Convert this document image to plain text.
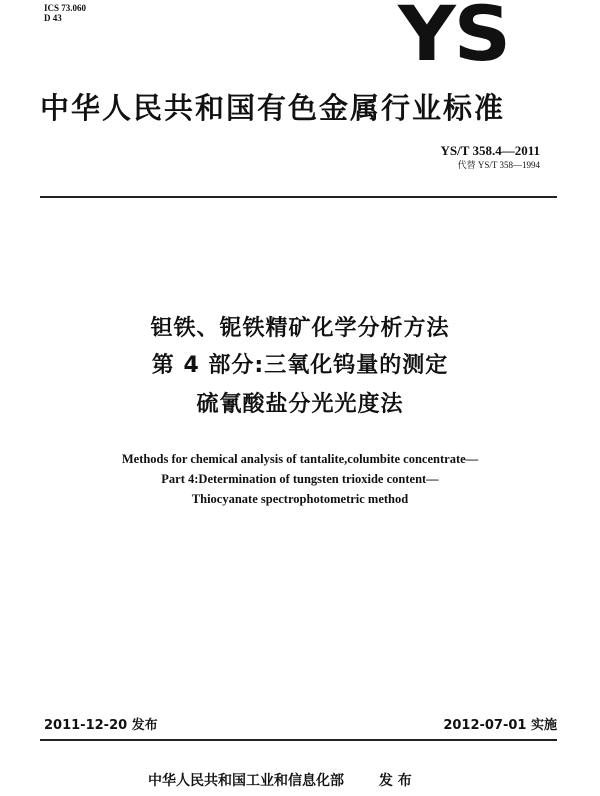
ICS 73.060
D 43	YS
中华人民共和国有色金属行业标准
YS/T 358.4—2011
代替 YS/T 358—1994
钽铁、铌铁精矿化学分析方法
第 4 部分:三氧化钨量的测定
硫氰酸盐分光光度法
Methods for chemical analysis of tantalite,columbite concentrate—
Part 4:Determination of tungsten trioxide content—
Thiocyanate spectrophotometric method
2011-12-20 发布	2012-07-01 实施
中华人民共和国工业和信息化部 发 布
